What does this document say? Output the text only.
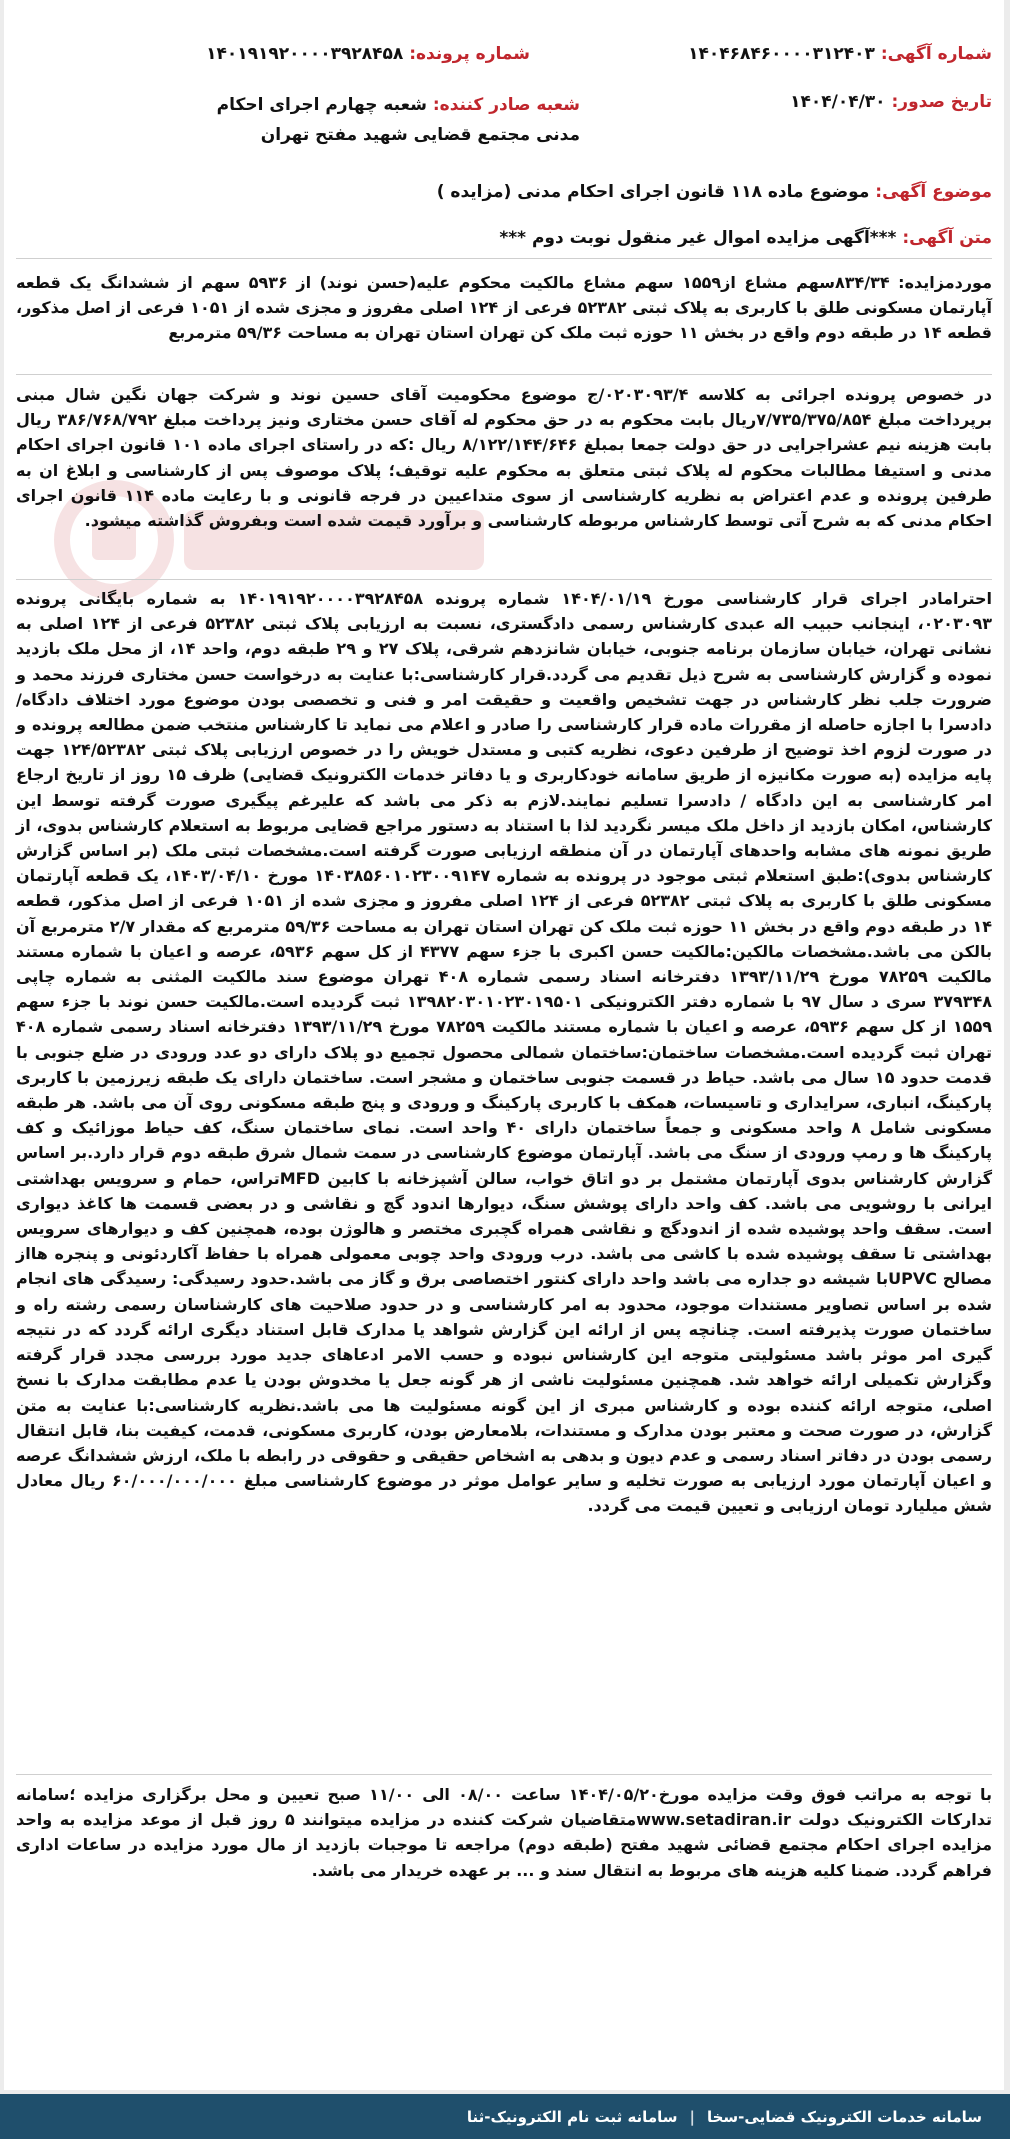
شماره آگهی: ۱۴۰۴۶۸۴۶۰۰۰۰۳۱۲۴۰۳
شماره پرونده: ۱۴۰۱۹۱۹۲۰۰۰۰۳۹۲۸۴۵۸
تاریخ صدور: ۱۴۰۴/۰۴/۳۰
شعبه صادر کننده: شعبه چهارم اجرای احکام مدنی مجتمع قضایی شهید مفتح تهران
موضوع آگهی: موضوع ماده ۱۱۸ قانون اجرای احکام مدنی (مزایده )
متن آگهی: ***آگهی مزایده اموال غیر منقول نوبت دوم ***
موردمزایده: ۸۳۴/۳۴سهم مشاع از۱۵۵۹ سهم مشاع مالکیت محکوم علیه(حسن نوند) از ۵۹۳۶ سهم از ششدانگ یک قطعه آپارتمان مسکونی طلق با کاربری به پلاک ثبتی ۵۲۳۸۲ فرعی از ۱۲۴ اصلی مفروز و مجزی شده از ۱۰۵۱ فرعی از اصل مذکور، قطعه ۱۴ در طبقه دوم واقع در بخش ۱۱ حوزه ثبت ملک کن تهران استان تهران به مساحت ۵۹/۳۶ مترمربع
در خصوص پرونده اجرائی به کلاسه ۰۲۰۳۰۹۳/۴/ج موضوع محکومیت آقای حسین نوند و شرکت جهان نگین شال مبنی برپرداخت مبلغ ۷/۷۳۵/۳۷۵/۸۵۴ریال بابت محکوم به در حق محکوم له آقای حسن مختاری ونیز پرداخت مبلغ ۳۸۶/۷۶۸/۷۹۲ ریال بابت هزینه نیم عشراجرایی در حق دولت جمعا بمبلغ ۸/۱۲۲/۱۴۴/۶۴۶ ریال :که در راستای اجرای ماده ۱۰۱ قانون اجرای احکام مدنی و استیفا مطالبات محکوم له پلاک ثبتی متعلق به محکوم علیه توقیف؛ پلاک موصوف پس از کارشناسی و ابلاغ ان به طرفین پرونده و عدم اعتراض به نظریه کارشناسی از سوی متداعیین در فرجه قانونی و با رعایت ماده ۱۱۴ قانون اجرای احکام مدنی که به شرح آتی توسط کارشناس مربوطه کارشناسی و برآورد قیمت شده است وبفروش گذاشته میشود.
احترامادر اجرای قرار کارشناسی مورخ ۱۴۰۴/۰۱/۱۹ شماره پرونده ۱۴۰۱۹۱۹۲۰۰۰۰۳۹۲۸۴۵۸ به شماره بایگانی پرونده ۰۲۰۳۰۹۳، اینجانب حبیب اله عبدی کارشناس رسمی دادگستری، نسبت به ارزیابی پلاک ثبتی ۵۲۳۸۲ فرعی از ۱۲۴ اصلی به نشانی تهران، خیابان سازمان برنامه جنوبی، خیابان شانزدهم شرقی، پلاک ۲۷ و ۲۹ طبقه دوم، واحد ۱۴، از محل ملک بازدید نموده و گزارش کارشناسی به شرح ذیل تقدیم می گردد.قرار کارشناسی:با عنایت به درخواست حسن مختاری فرزند محمد و ضرورت جلب نظر کارشناس در جهت تشخیص واقعیت و حقیقت امر و فنی و تخصصی بودن موضوع مورد اختلاف دادگاه/دادسرا با اجازه حاصله از مقررات ماده قرار کارشناسی را صادر و اعلام می نماید تا کارشناس منتخب ضمن مطالعه پرونده و در صورت لزوم اخذ توضیح از طرفین دعوی، نظریه کتبی و مستدل خویش را در خصوص ارزیابی پلاک ثبتی ۱۲۴/۵۲۳۸۲ جهت پایه مزایده (به صورت مکانیزه از طریق سامانه خودکاربری و یا دفاتر خدمات الکترونیک قضایی) ظرف ۱۵ روز از تاریخ ارجاع امر کارشناسی به این دادگاه / دادسرا تسلیم نمایند.لازم به ذکر می باشد که علیرغم پیگیری صورت گرفته توسط این کارشناس، امکان بازدید از داخل ملک میسر نگردید لذا با استناد به دستور مراجع قضایی مربوط به استعلام کارشناس بدوی، از طریق نمونه های مشابه واحدهای آپارتمان در آن منطقه ارزیابی صورت گرفته است.مشخصات ثبتی ملک (بر اساس گزارش کارشناس بدوی):طبق استعلام ثبتی موجود در پرونده به شماره ۱۴۰۳۸۵۶۰۱۰۲۳۰۰۹۱۴۷ مورخ ۱۴۰۳/۰۴/۱۰، یک قطعه آپارتمان مسکونی طلق با کاربری به پلاک ثبتی ۵۲۳۸۲ فرعی از ۱۲۴ اصلی مفروز و مجزی شده از ۱۰۵۱ فرعی از اصل مذکور، قطعه ۱۴ در طبقه دوم واقع در بخش ۱۱ حوزه ثبت ملک کن تهران استان تهران به مساحت ۵۹/۳۶ مترمربع که مقدار ۲/۷ مترمربع آن بالکن می باشد.مشخصات مالکین:مالکیت حسن اکبری با جزء سهم ۴۳۷۷ از کل سهم ۵۹۳۶، عرصه و اعیان با شماره مستند مالکیت ۷۸۲۵۹ مورخ ۱۳۹۳/۱۱/۲۹ دفترخانه اسناد رسمی شماره ۴۰۸ تهران موضوع سند مالکیت المثنی به شماره چاپی ۳۷۹۳۴۸ سری د سال ۹۷ با شماره دفتر الکترونیکی ۱۳۹۸۲۰۳۰۱۰۲۳۰۱۹۵۰۱ ثبت گردیده است.مالکیت حسن نوند با جزء سهم ۱۵۵۹ از کل سهم ۵۹۳۶، عرصه و اعیان با شماره مستند مالکیت ۷۸۲۵۹ مورخ ۱۳۹۳/۱۱/۲۹ دفترخانه اسناد رسمی شماره ۴۰۸ تهران ثبت گردیده است.مشخصات ساختمان:ساختمان شمالی محصول تجمیع دو پلاک دارای دو عدد ورودی در ضلع جنوبی با قدمت حدود ۱۵ سال می باشد. حیاط در قسمت جنوبی ساختمان و مشجر است. ساختمان دارای یک طبقه زیرزمین با کاربری پارکینگ، انباری، سرایداری و تاسیسات، همکف با کاربری پارکینگ و ورودی و پنج طبقه مسکونی روی آن می باشد. هر طبقه مسکونی شامل ۸ واحد مسکونی و جمعاً ساختمان دارای ۴۰ واحد است. نمای ساختمان سنگ، کف حیاط موزائیک و کف پارکینگ ها و رمپ ورودی از سنگ می باشد. آپارتمان موضوع کارشناسی در سمت شمال شرق طبقه دوم قرار دارد.بر اساس گزارش کارشناس بدوی آپارتمان مشتمل بر دو اتاق خواب، سالن آشپزخانه با کابین MFDتراس، حمام و سرویس بهداشتی ایرانی با روشویی می باشد. کف واحد دارای پوشش سنگ، دیوارها اندود گچ و نقاشی و در بعضی قسمت ها کاغذ دیواری است. سقف واحد پوشیده شده از اندودگچ و نقاشی همراه گچبری مختصر و هالوژن بوده، همچنین کف و دیوارهای سرویس بهداشتی تا سقف پوشیده شده با کاشی می باشد. درب ورودی واحد چوبی معمولی همراه با حفاظ آکاردئونی و پنجره هااز مصالح UPVCبا شیشه دو جداره می باشد واحد دارای کنتور اختصاصی برق و گاز می باشد.حدود رسیدگی: رسیدگی های انجام شده بر اساس تصاویر مستندات موجود، محدود به امر کارشناسی و در حدود صلاحیت های کارشناسان رسمی رشته راه و ساختمان صورت پذیرفته است. چنانچه پس از ارائه این گزارش شواهد یا مدارک قابل استناد دیگری ارائه گردد که در نتیجه گیری امر موثر باشد مسئولیتی متوجه این کارشناس نبوده و حسب الامر ادعاهای جدید مورد بررسی مجدد قرار گرفته وگزارش تکمیلی ارائه خواهد شد. همچنین مسئولیت ناشی از هر گونه جعل یا مخدوش بودن یا عدم مطابقت مدارک با نسخ اصلی، متوجه ارائه کننده بوده و کارشناس مبری از این گونه مسئولیت ها می باشد.نظریه کارشناسی:با عنایت به متن گزارش، در صورت صحت و معتبر بودن مدارک و مستندات، بلامعارض بودن، کاربری مسکونی، قدمت، کیفیت بنا، قابل انتقال رسمی بودن در دفاتر اسناد رسمی و عدم دیون و بدهی به اشخاص حقیقی و حقوقی در رابطه با ملک، ارزش ششدانگ عرصه و اعیان آپارتمان مورد ارزیابی به صورت تخلیه و سایر عوامل موثر در موضوع کارشناسی مبلغ ۶۰/۰۰۰/۰۰۰/۰۰۰ ریال معادل شش میلیارد تومان ارزیابی و تعیین قیمت می گردد.
با توجه به مراتب فوق وقت مزایده مورخ۱۴۰۴/۰۵/۲۰ ساعت ۰۸/۰۰ الی ۱۱/۰۰ صبح تعیین و محل برگزاری مزایده ؛سامانه تدارکات الکترونیک دولت www.setadiran.irمتقاضیان شرکت کننده در مزایده میتوانند ۵ روز قبل از موعد مزایده به واحد مزایده اجرای احکام مجتمع قضائی شهید مفتح (طبقه دوم) مراجعه تا موجبات بازدید از مال مورد مزایده در ساعات اداری فراهم گردد. ضمنا کلیه هزینه های مربوط به انتقال سند و ... بر عهده خریدار می باشد.
سامانه خدمات الکترونیک قضایی-سخا
|
سامانه ثبت نام الکترونیک-ثنا
